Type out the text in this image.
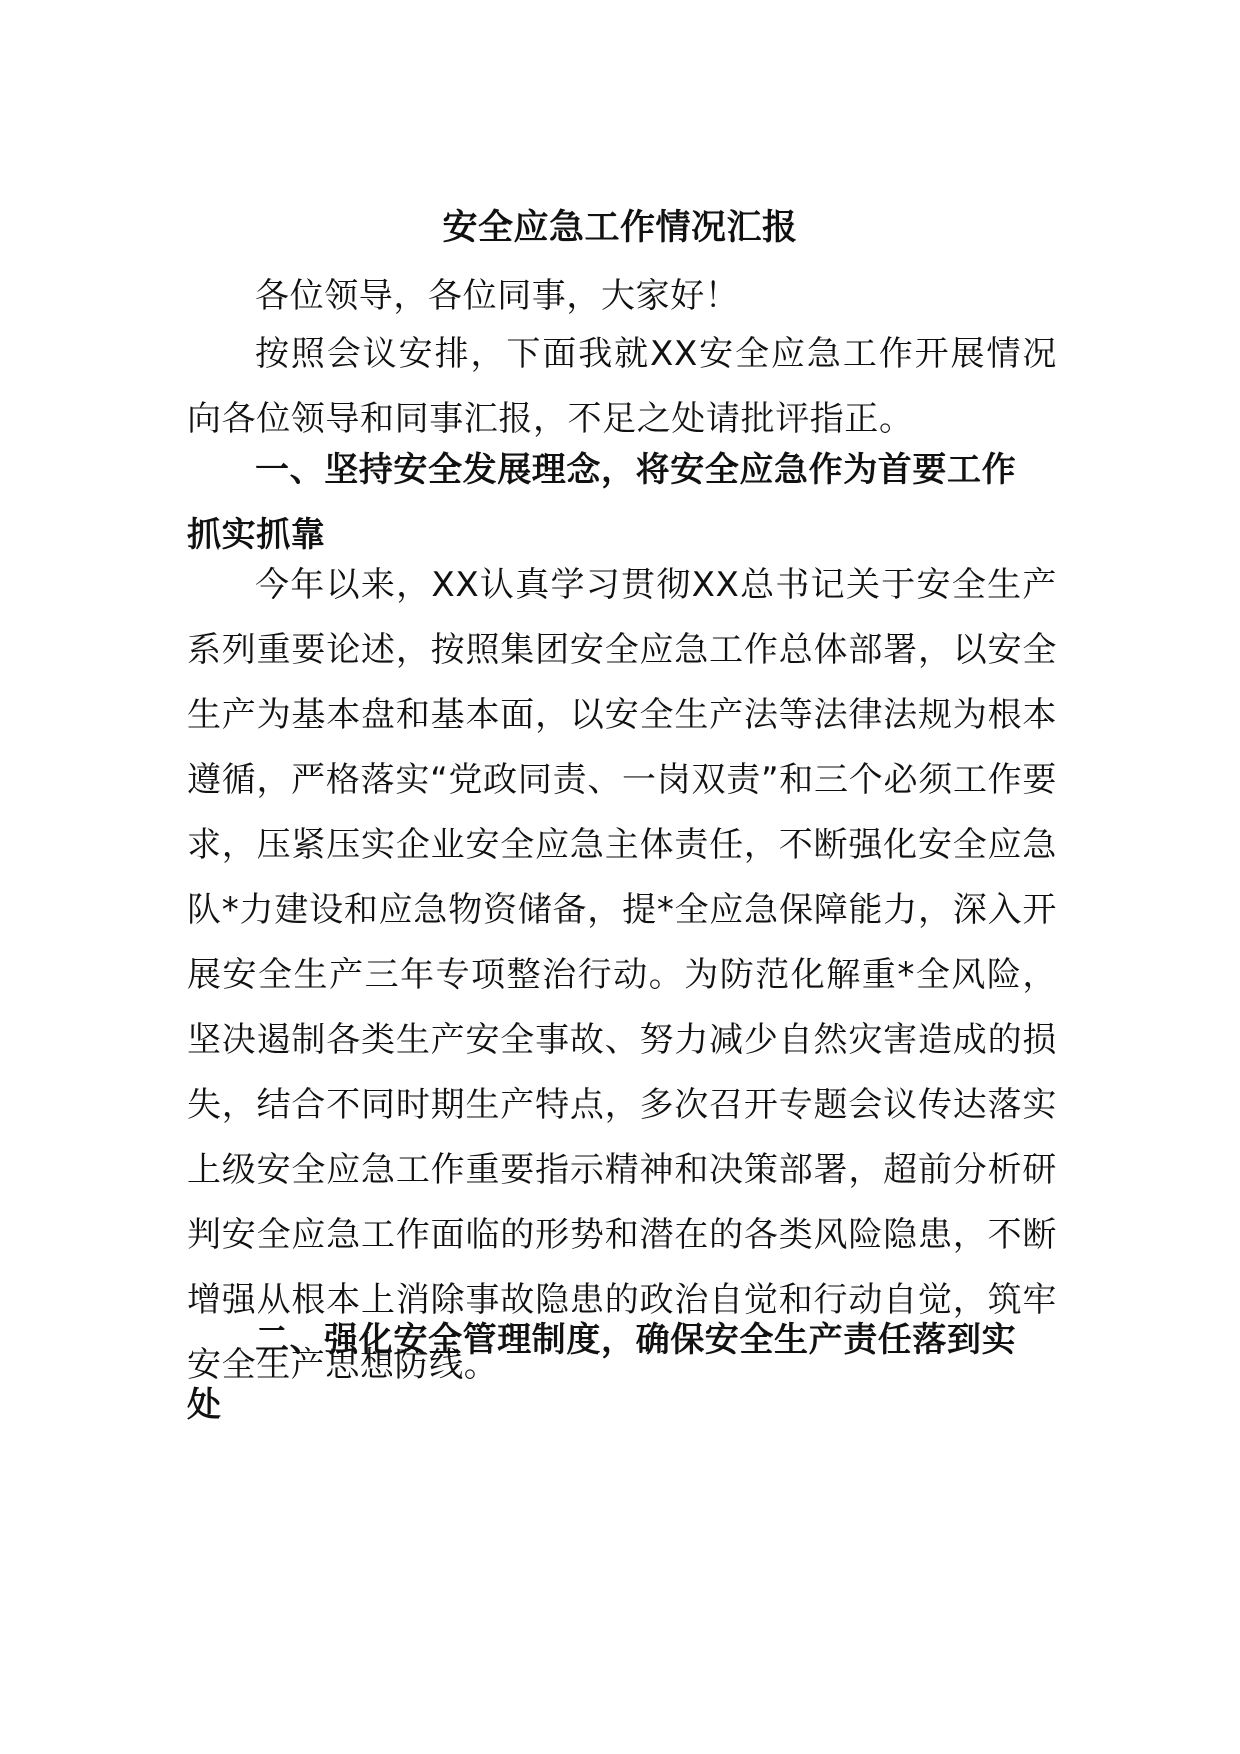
安全应急工作情况汇报

各位领导，各位同事，大家好！

按照会议安排，下面我就XX安全应急工作开展情况向各位领导和同事汇报，不足之处请批评指正。

一、坚持安全发展理念，将安全应急作为首要工作抓实抓靠

今年以来，XX认真学习贯彻XX总书记关于安全生产系列重要论述，按照集团安全应急工作总体部署，以安全生产为基本盘和基本面，以安全生产法等法律法规为根本遵循，严格落实“党政同责、一岗双责”和三个必须工作要求，压紧压实企业安全应急主体责任，不断强化安全应急队*力建设和应急物资储备，提*全应急保障能力，深入开展安全生产三年专项整治行动。为防范化解重*全风险，坚决遏制各类生产安全事故、努力减少自然灾害造成的损失，结合不同时期生产特点，多次召开专题会议传达落实上级安全应急工作重要指示精神和决策部署，超前分析研判安全应急工作面临的形势和潜在的各类风险隐患，不断增强从根本上消除事故隐患的政治自觉和行动自觉，筑牢安全生产思想防线。

二、强化安全管理制度，确保安全生产责任落到实处
